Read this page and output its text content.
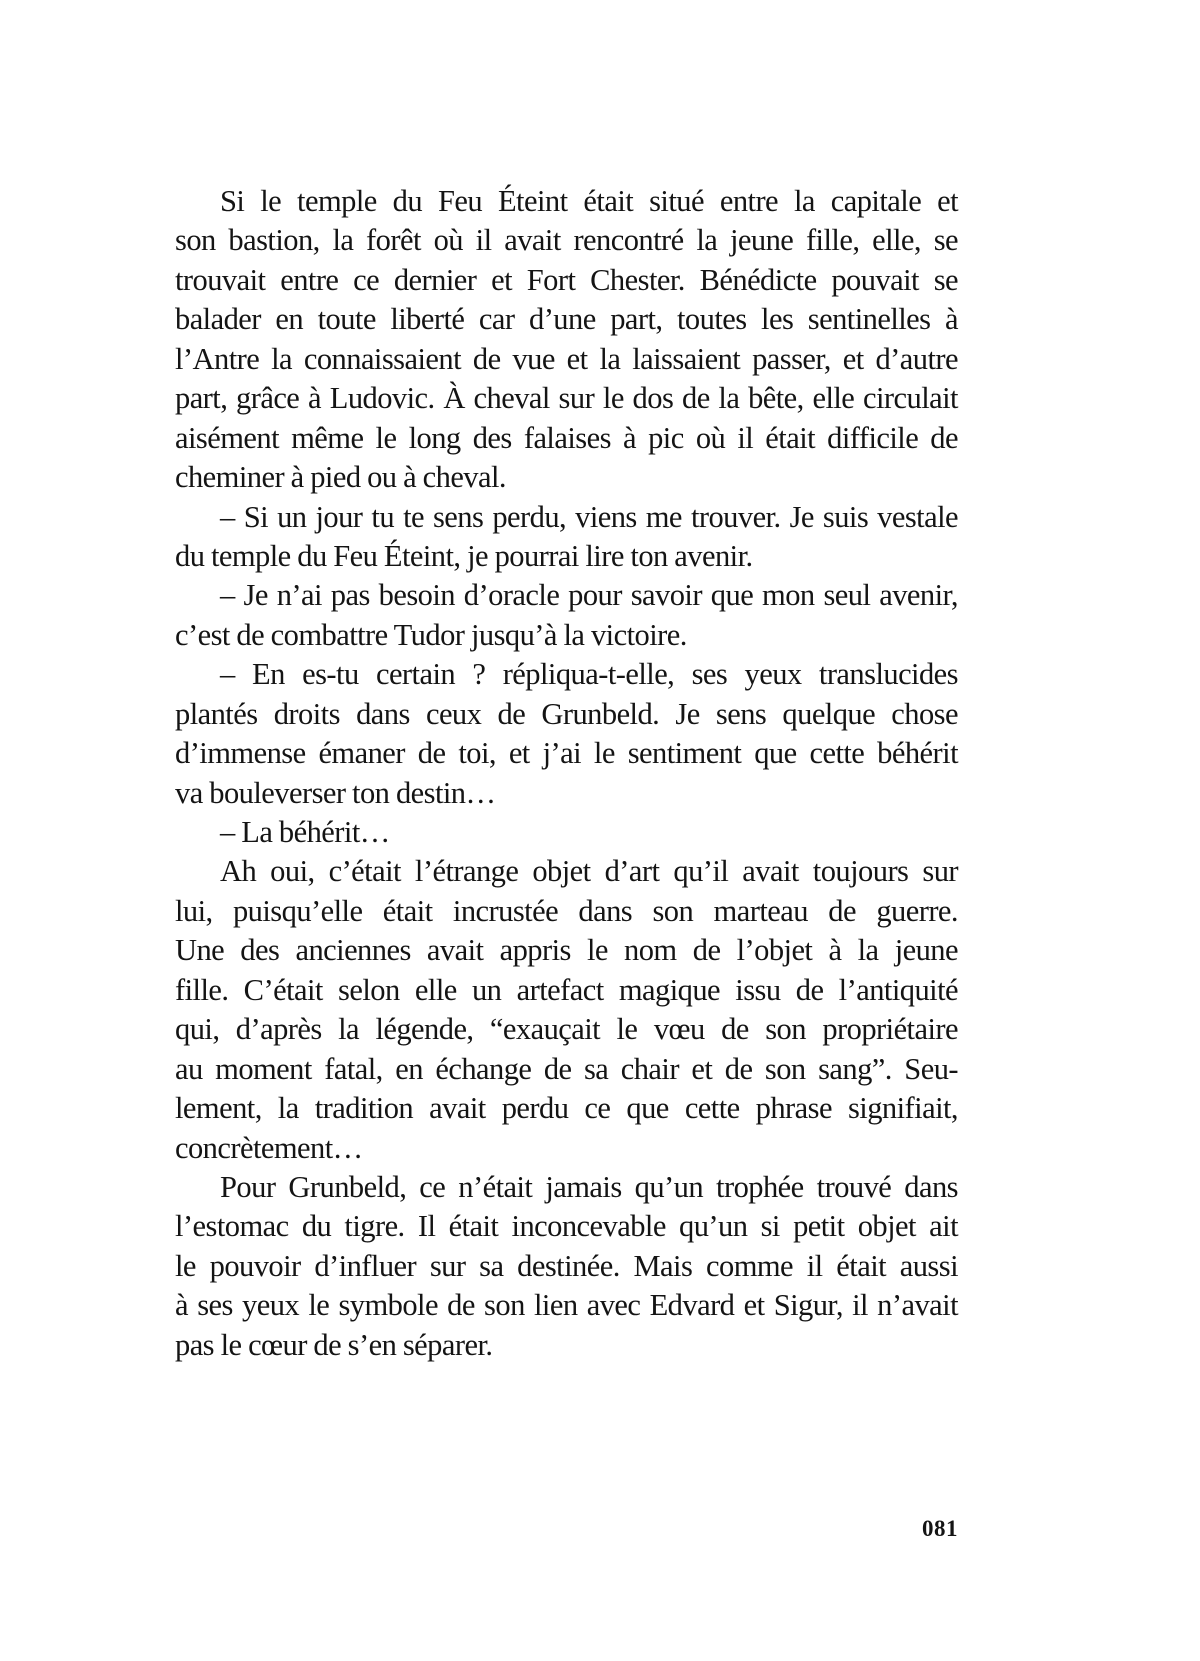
Si le temple du Feu Éteint était situé entre la capitale et
son bastion, la forêt où il avait rencontré la jeune fille, elle, se
trouvait entre ce dernier et Fort Chester. Bénédicte pouvait se
balader en toute liberté car d’une part, toutes les sentinelles à
l’Antre la connaissaient de vue et la laissaient passer, et d’autre
part, grâce à Ludovic. À cheval sur le dos de la bête, elle circulait
aisément même le long des falaises à pic où il était difficile de
cheminer à pied ou à cheval.
– Si un jour tu te sens perdu, viens me trouver. Je suis vestale
du temple du Feu Éteint, je pourrai lire ton avenir.
– Je n’ai pas besoin d’oracle pour savoir que mon seul avenir,
c’est de combattre Tudor jusqu’à la victoire.
– En es-tu certain ? répliqua-t-elle, ses yeux translucides
plantés droits dans ceux de Grunbeld. Je sens quelque chose
d’immense émaner de toi, et j’ai le sentiment que cette béhérit
va bouleverser ton destin…
– La béhérit…
Ah oui, c’était l’étrange objet d’art qu’il avait toujours sur
lui, puisqu’elle était incrustée dans son marteau de guerre.
Une des anciennes avait appris le nom de l’objet à la jeune
fille. C’était selon elle un artefact magique issu de l’antiquité
qui, d’après la légende, “exauçait le vœu de son propriétaire
au moment fatal, en échange de sa chair et de son sang”. Seu-
lement, la tradition avait perdu ce que cette phrase signifiait,
concrètement…
Pour Grunbeld, ce n’était jamais qu’un trophée trouvé dans
l’estomac du tigre. Il était inconcevable qu’un si petit objet ait
le pouvoir d’influer sur sa destinée. Mais comme il était aussi
à ses yeux le symbole de son lien avec Edvard et Sigur, il n’avait
pas le cœur de s’en séparer.
081
